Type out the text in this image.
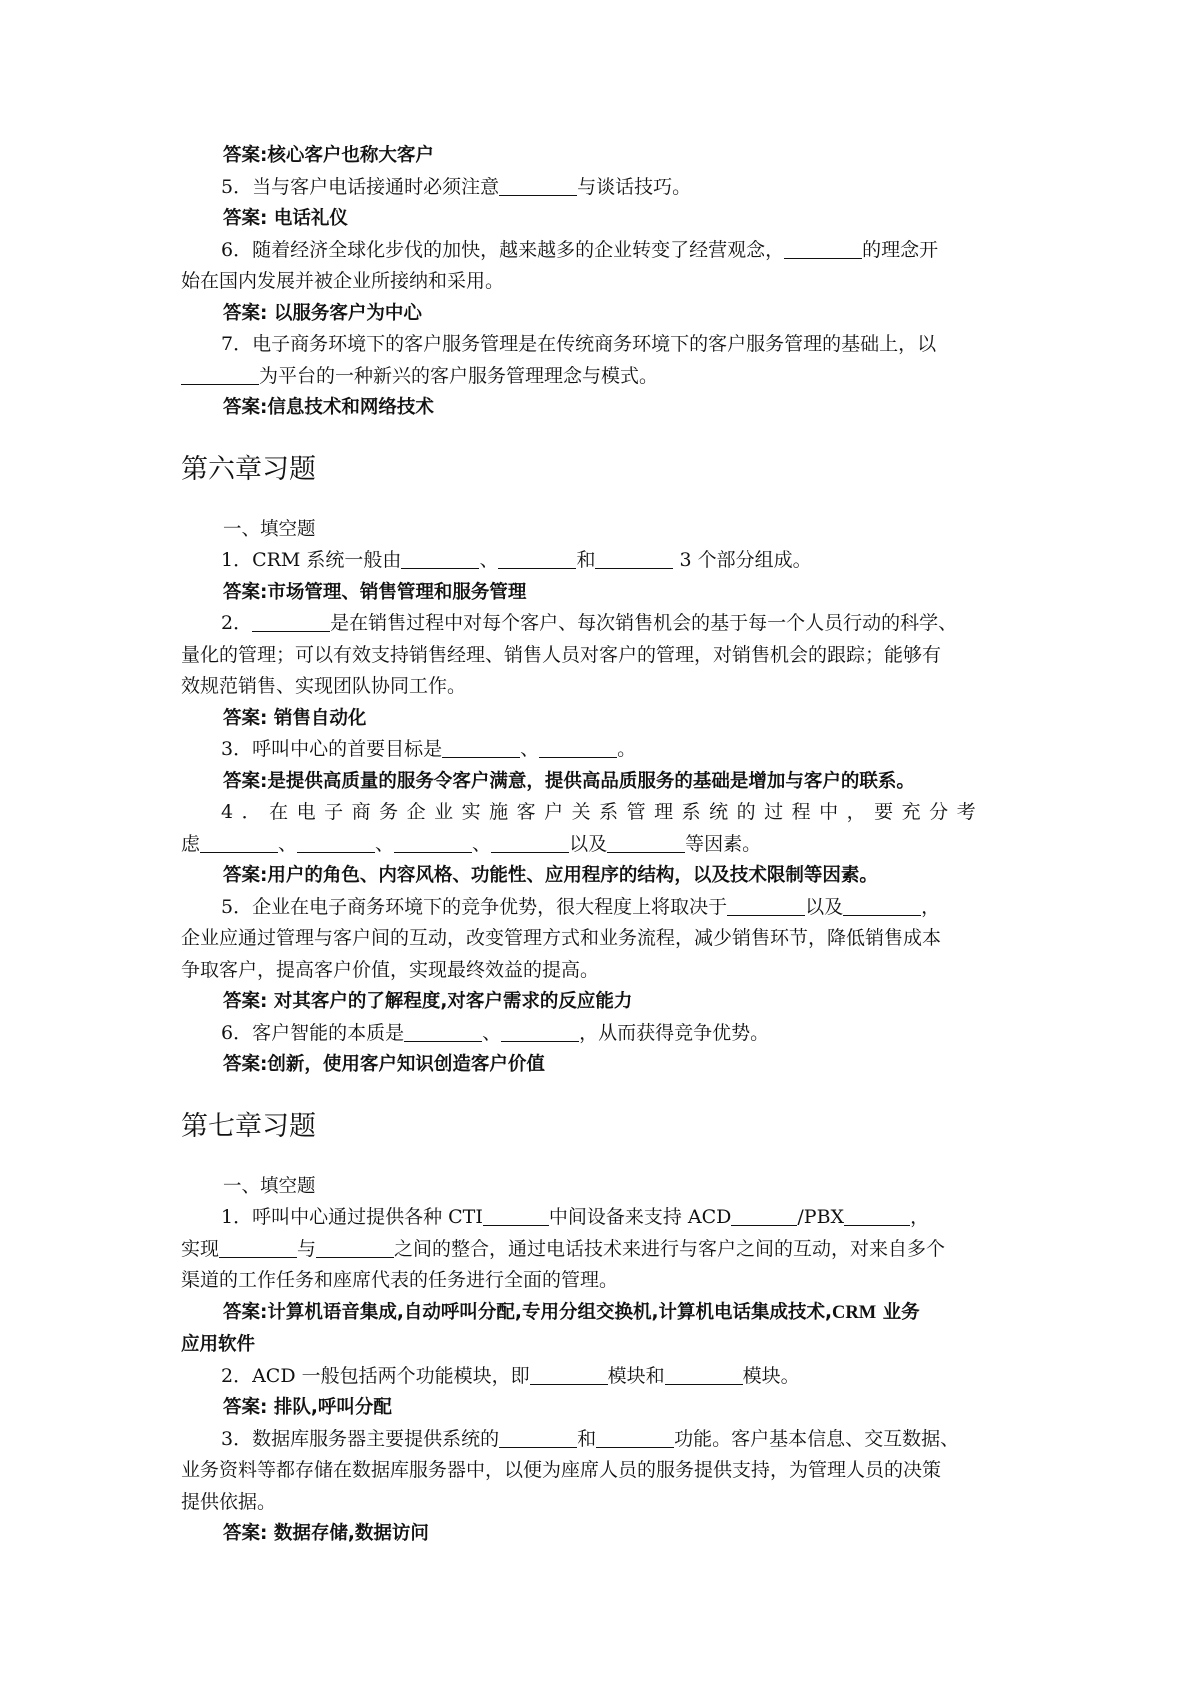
答案:核心客户也称大客户
5．当与客户电话接通时必须注意	与谈话技巧。
答案: 电话礼仪
6．随着经济全球化步伐的加快，越来越多的企业转变了经营观念，	的理念开
始在国内发展并被企业所接纳和采用。
答案: 以服务客户为中心
7．电子商务环境下的客户服务管理是在传统商务环境下的客户服务管理的基础上，以
为平台的一种新兴的客户服务管理理念与模式。
答案:信息技术和网络技术
第六章习题
一、填空题
1．CRM 系统一般由	、	和	3 个部分组成。
答案:市场管理、销售管理和服务管理
2．	是在销售过程中对每个客户、每次销售机会的基于每一个人员行动的科学、
量化的管理；可以有效支持销售经理、销售人员对客户的管理，对销售机会的跟踪；能够有
效规范销售、实现团队协同工作。
答案: 销售自动化
3．呼叫中心的首要目标是	、	。
答案:是提供高质量的服务令客户满意，提供高品质服务的基础是增加与客户的联系。
4．在电子商务企业实施客户关系管理系统的过程中，要充分考
虑	、	、	、	以及	等因素。
答案:用户的角色、内容风格、功能性、应用程序的结构，以及技术限制等因素。
5．企业在电子商务环境下的竞争优势，很大程度上将取决于	以及	，
企业应通过管理与客户间的互动，改变管理方式和业务流程，减少销售环节，降低销售成本
争取客户，提高客户价值，实现最终效益的提高。
答案: 对其客户的了解程度,对客户需求的反应能力
6．客户智能的本质是	、	，从而获得竞争优势。
答案:创新，使用客户知识创造客户价值
第七章习题
一、填空题
1．呼叫中心通过提供各种 CTI	中间设备来支持 ACD	/PBX	，
实现	与	之间的整合，通过电话技术来进行与客户之间的互动，对来自多个
渠道的工作任务和座席代表的任务进行全面的管理。
答案:计算机语音集成,自动呼叫分配,专用分组交换机,计算机电话集成技术,CRM 业务
应用软件
2．ACD 一般包括两个功能模块，即	模块和	模块。
答案: 排队,呼叫分配
3．数据库服务器主要提供系统的	和	功能。客户基本信息、交互数据、
业务资料等都存储在数据库服务器中，以便为座席人员的服务提供支持，为管理人员的决策
提供依据。
答案: 数据存储,数据访问
